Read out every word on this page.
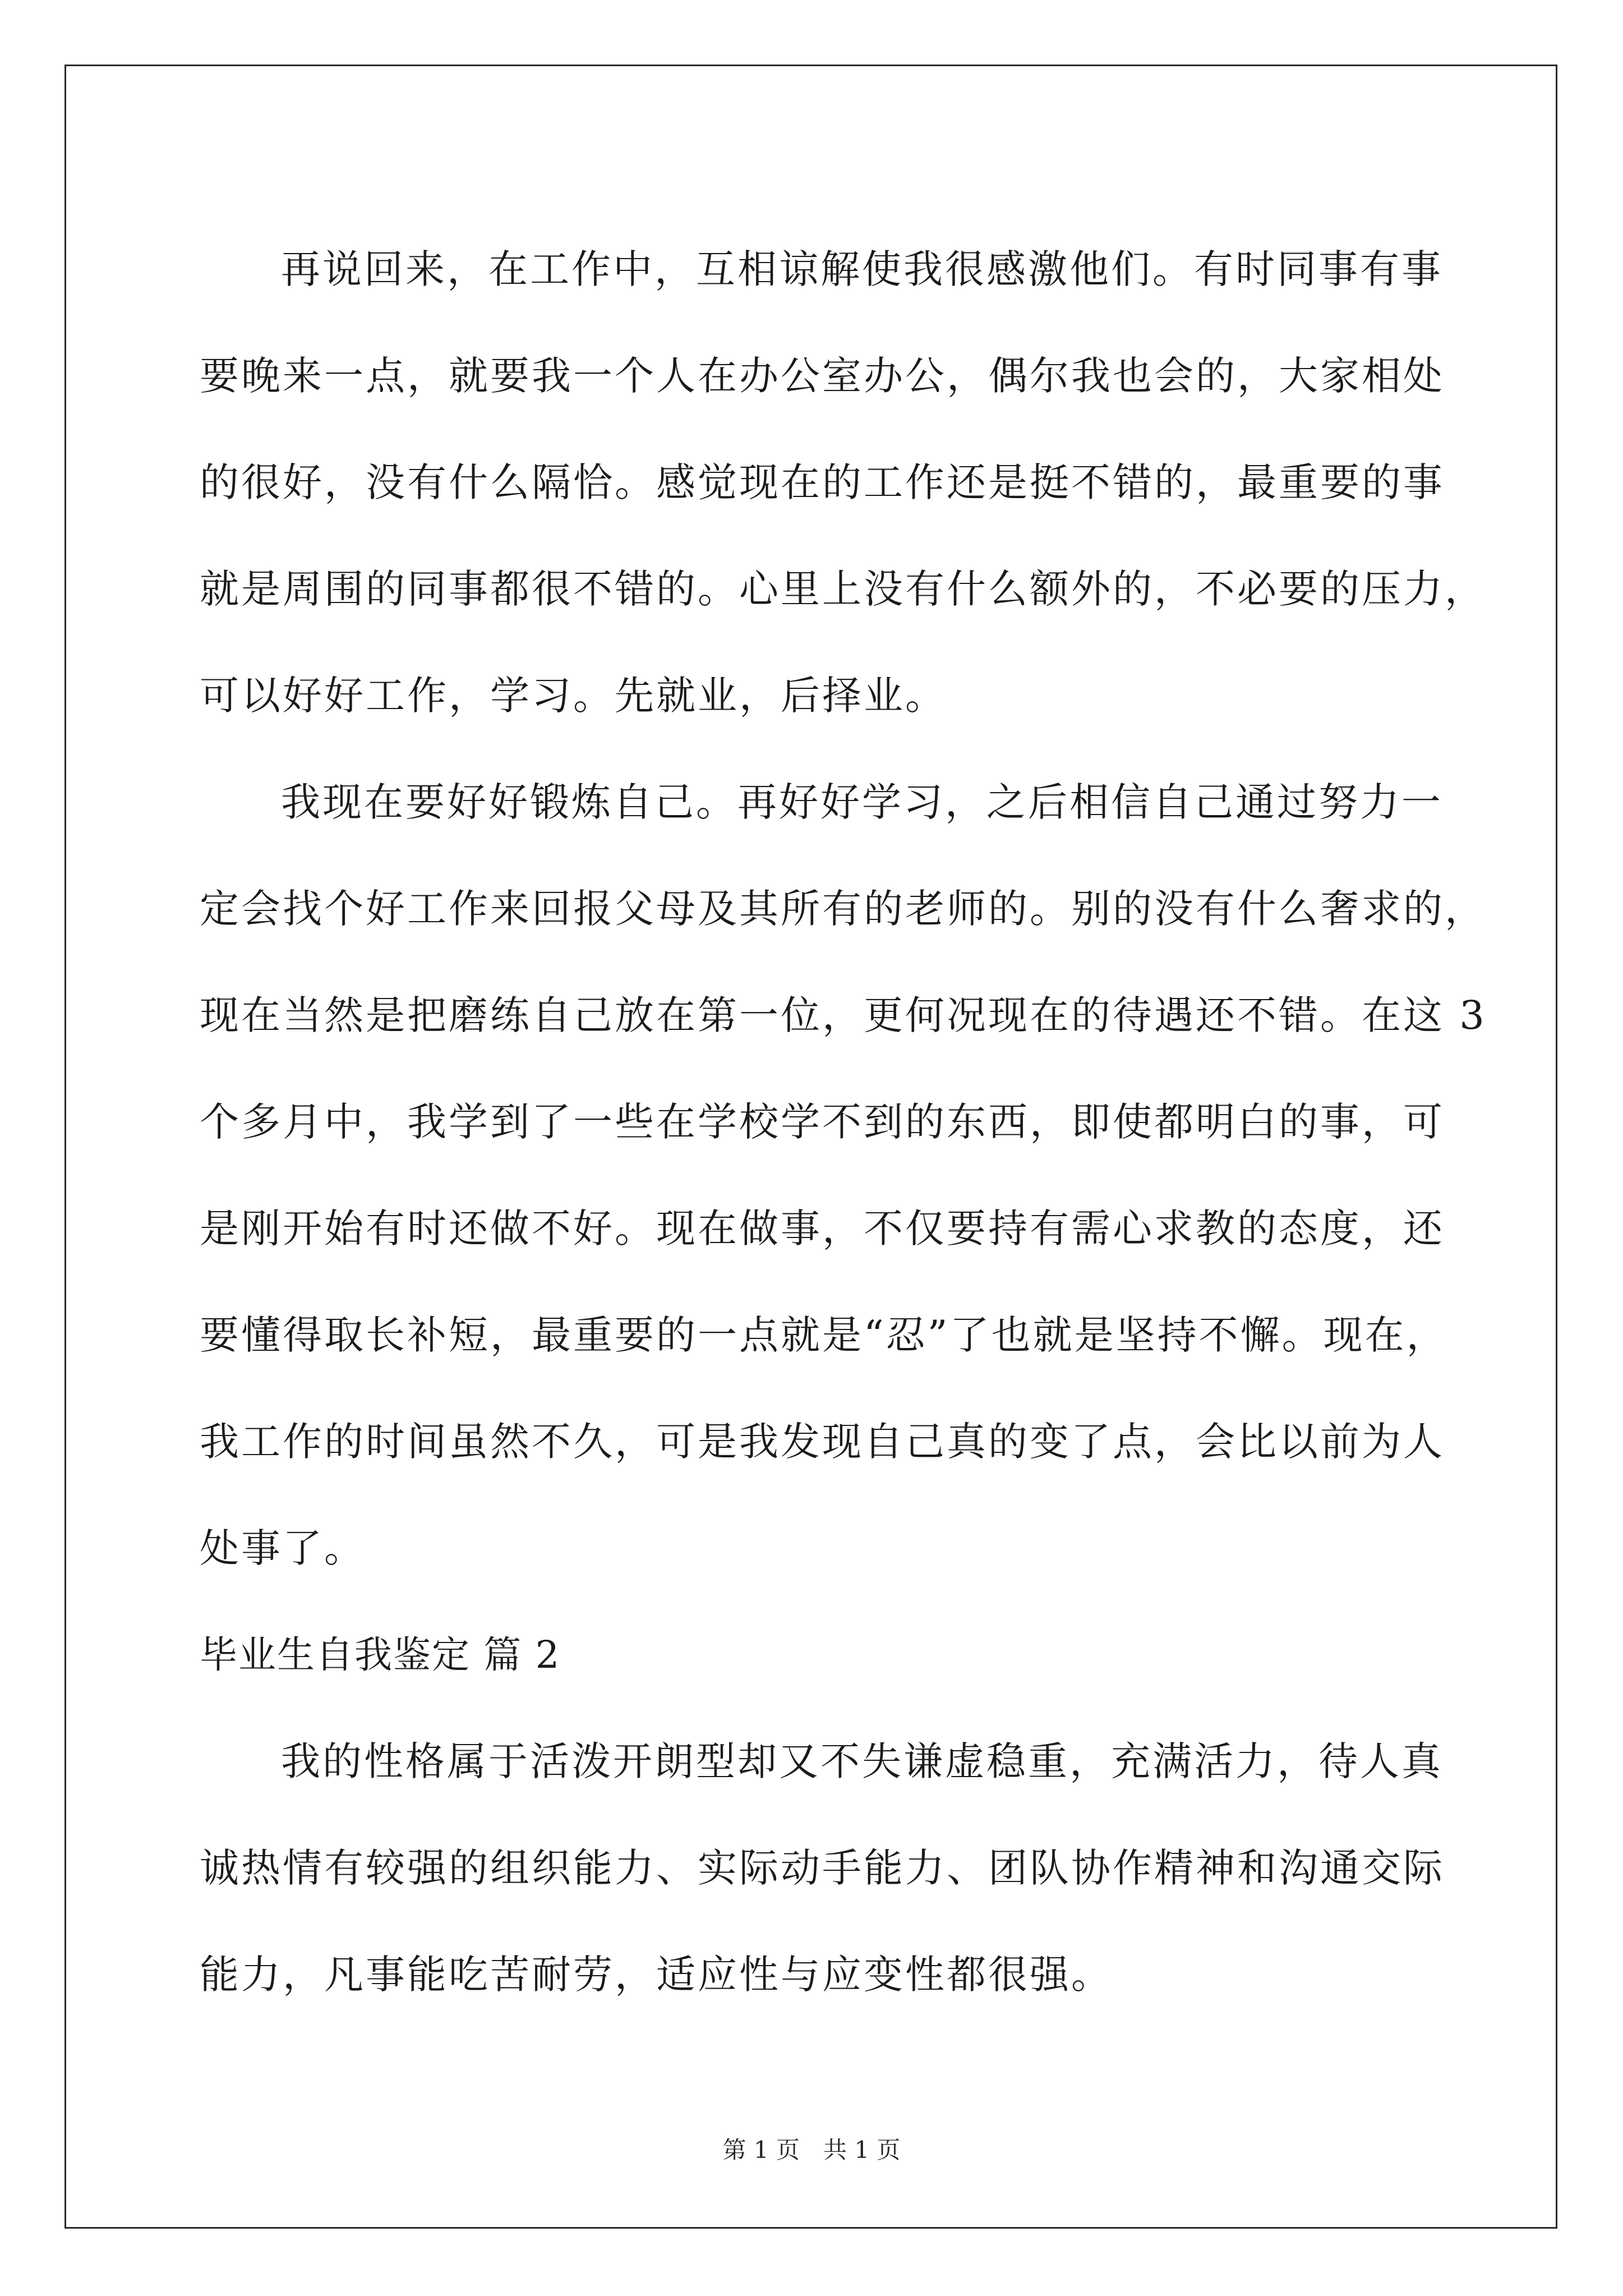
再说回来，在工作中，互相谅解使我很感激他们。有时同事有事
要晚来一点，就要我一个人在办公室办公，偶尔我也会的，大家相处
的很好，没有什么隔恰。感觉现在的工作还是挺不错的，最重要的事
就是周围的同事都很不错的。心里上没有什么额外的，不必要的压力，
可以好好工作，学习。先就业，后择业。
我现在要好好锻炼自己。再好好学习，之后相信自己通过努力一
定会找个好工作来回报父母及其所有的老师的。别的没有什么奢求的，
现在当然是把磨练自己放在第一位，更何况现在的待遇还不错。在这 3
个多月中，我学到了一些在学校学不到的东西，即使都明白的事，可
是刚开始有时还做不好。现在做事，不仅要持有需心求教的态度，还
要懂得取长补短，最重要的一点就是“忍”了也就是坚持不懈。现在，
我工作的时间虽然不久，可是我发现自己真的变了点，会比以前为人
处事了。
毕业生自我鉴定 篇 2
我的性格属于活泼开朗型却又不失谦虚稳重，充满活力，待人真
诚热情有较强的组织能力、实际动手能力、团队协作精神和沟通交际
能力，凡事能吃苦耐劳，适应性与应变性都很强。
第 1 页　共 1 页
